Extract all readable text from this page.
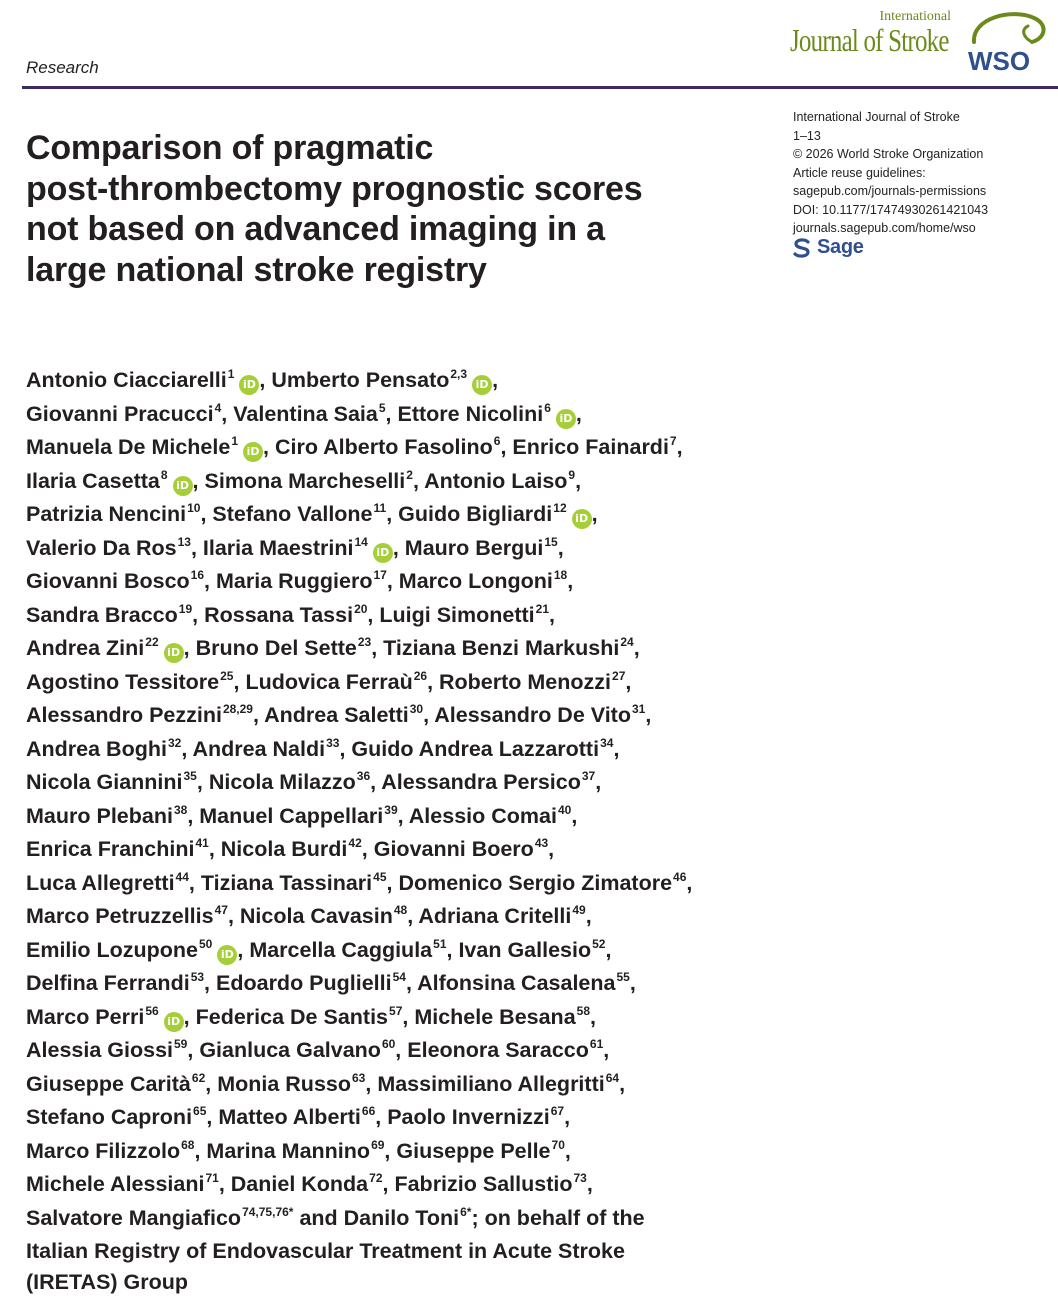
Research
International
Journal of Stroke
WSO
International Journal of Stroke
1–13
© 2026 World Stroke Organization
Article reuse guidelines:
sagepub.com/journals-permissions
DOI: 10.1177/17474930261421043
journals.sagepub.com/home/wso
Sage
Comparison of pragmatic
post-thrombectomy prognostic scores
not based on advanced imaging in a
large national stroke registry
Antonio Ciacciarelli$^1$iD , Umberto Pensato$^{2,3}$iD ,
Giovanni Pracucci$^4$, Valentina Saia$^5$, Ettore Nicolini$^6$iD ,
Manuela De Michele$^1$iD , Ciro Alberto Fasolino$^6$, Enrico Fainardi$^7$,
Ilaria Casetta$^8$iD , Simona Marcheselli$^2$, Antonio Laiso$^9$,
Patrizia Nencini$^{10}$, Stefano Vallone$^{11}$, Guido Bigliardi$^{12}$iD ,
Valerio Da Ros$^{13}$, Ilaria Maestrini$^{14}$iD , Mauro Bergui$^{15}$,
Giovanni Bosco$^{16}$, Maria Ruggiero$^{17}$, Marco Longoni$^{18}$,
Sandra Bracco$^{19}$, Rossana Tassi$^{20}$, Luigi Simonetti$^{21}$,
Andrea Zini$^{22}$iD , Bruno Del Sette$^{23}$, Tiziana Benzi Markushi$^{24}$,
Agostino Tessitore$^{25}$, Ludovica Ferraù$^{26}$, Roberto Menozzi$^{27}$,
Alessandro Pezzini$^{28,29}$, Andrea Saletti$^{30}$, Alessandro De Vito$^{31}$,
Andrea Boghi$^{32}$, Andrea Naldi$^{33}$, Guido Andrea Lazzarotti$^{34}$,
Nicola Giannini$^{35}$, Nicola Milazzo$^{36}$, Alessandra Persico$^{37}$,
Mauro Plebani$^{38}$, Manuel Cappellari$^{39}$, Alessio Comai$^{40}$,
Enrica Franchini$^{41}$, Nicola Burdi$^{42}$, Giovanni Boero$^{43}$,
Luca Allegretti$^{44}$, Tiziana Tassinari$^{45}$, Domenico Sergio Zimatore$^{46}$,
Marco Petruzzellis$^{47}$, Nicola Cavasin$^{48}$, Adriana Critelli$^{49}$,
Emilio Lozupone$^{50}$iD , Marcella Caggiula$^{51}$, Ivan Gallesio$^{52}$,
Delfina Ferrandi$^{53}$, Edoardo Puglielli$^{54}$, Alfonsina Casalena$^{55}$,
Marco Perri$^{56}$iD , Federica De Santis$^{57}$, Michele Besana$^{58}$,
Alessia Giossi$^{59}$, Gianluca Galvano$^{60}$, Eleonora Saracco$^{61}$,
Giuseppe Carità$^{62}$, Monia Russo$^{63}$, Massimiliano Allegritti$^{64}$,
Stefano Caproni$^{65}$, Matteo Alberti$^{66}$, Paolo Invernizzi$^{67}$,
Marco Filizzolo$^{68}$, Marina Mannino$^{69}$, Giuseppe Pelle$^{70}$,
Michele Alessiani$^{71}$, Daniel Konda$^{72}$, Fabrizio Sallustio$^{73}$,
Salvatore Mangiafico$^{74,75,76*}$ and Danilo Toni$^{6*}$; on behalf of the
Italian Registry of Endovascular Treatment in Acute Stroke
(IRETAS) Group
